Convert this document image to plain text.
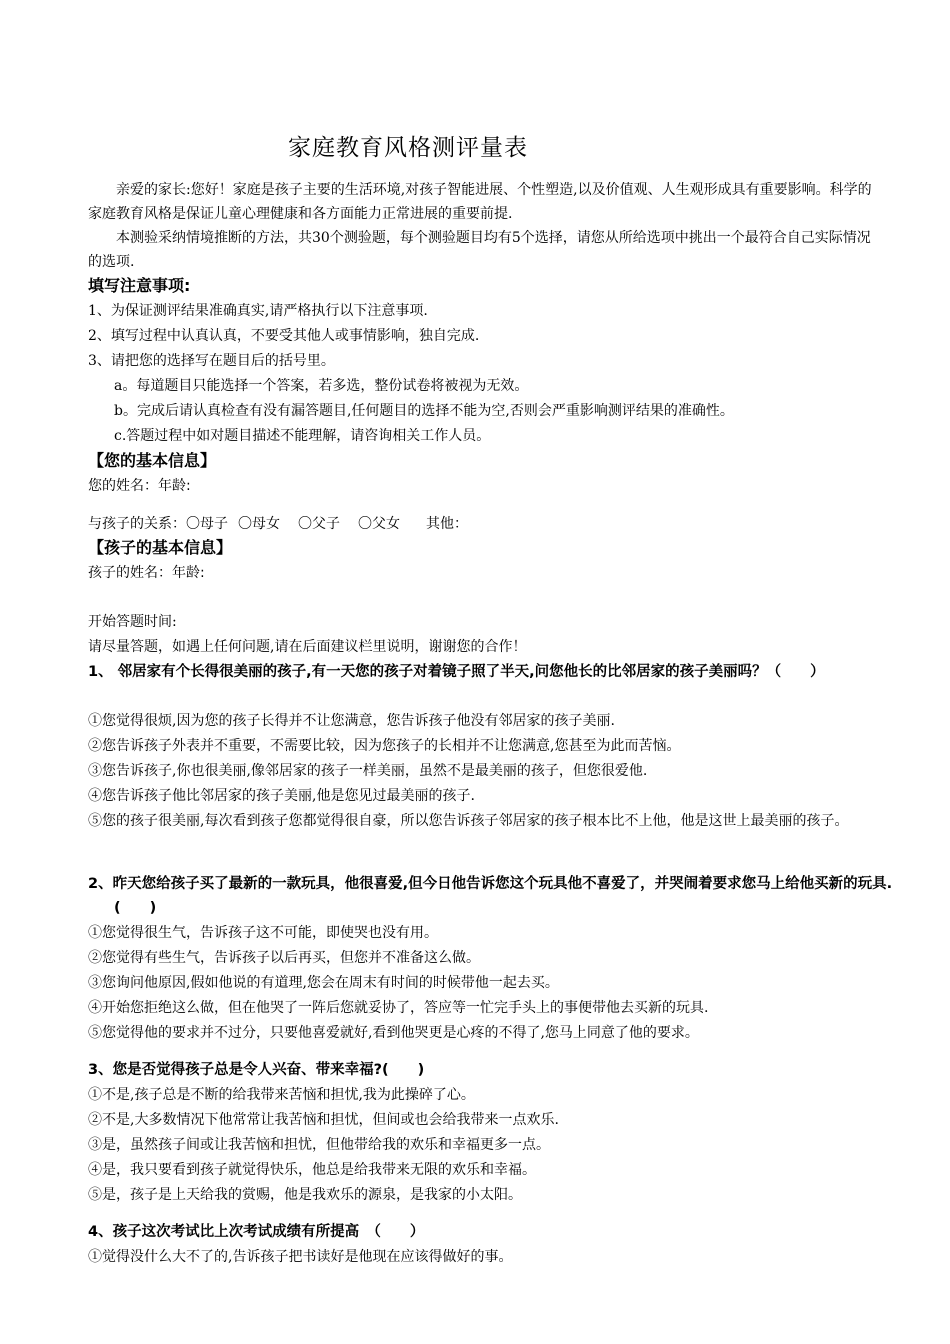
家庭教育风格测评量表
亲爱的家长:您好！家庭是孩子主要的生活环境,对孩子智能进展、个性塑造,以及价值观、人生观形成具有重要影响。科学的家庭教育风格是保证儿童心理健康和各方面能力正常进展的重要前提.
本测验采纳情境推断的方法，共30个测验题，每个测验题目均有5个选择，请您从所给选项中挑出一个最符合自己实际情况的选项.
填写注意事项:
1、为保证测评结果准确真实,请严格执行以下注意事项.
2、填写过程中认真认真，不要受其他人或事情影响，独自完成.
3、请把您的选择写在题目后的括号里。
a。每道题目只能选择一个答案，若多选，整份试卷将被视为无效。
b。完成后请认真检查有没有漏答题目,任何题目的选择不能为空,否则会严重影响测评结果的准确性。
c.答题过程中如对题目描述不能理解，请咨询相关工作人员。
【您的基本信息】
您的姓名：年龄:
与孩子的关系：〇母子 〇母女 〇父子 〇父女 其他：
【孩子的基本信息】
孩子的姓名：年龄:
开始答题时间:
请尽量答题，如遇上任何问题,请在后面建议栏里说明，谢谢您的合作！
1、 邻居家有个长得很美丽的孩子,有一天您的孩子对着镜子照了半天,问您他长的比邻居家的孩子美丽吗？（　　）
①您觉得很烦,因为您的孩子长得并不让您满意，您告诉孩子他没有邻居家的孩子美丽.
②您告诉孩子外表并不重要，不需要比较，因为您孩子的长相并不让您满意,您甚至为此而苦恼。
③您告诉孩子,你也很美丽,像邻居家的孩子一样美丽，虽然不是最美丽的孩子，但您很爱他.
④您告诉孩子他比邻居家的孩子美丽,他是您见过最美丽的孩子.
⑤您的孩子很美丽,每次看到孩子您都觉得很自豪，所以您告诉孩子邻居家的孩子根本比不上他，他是这世上最美丽的孩子。
2、昨天您给孩子买了最新的一款玩具，他很喜爱,但今日他告诉您这个玩具他不喜爱了，并哭闹着要求您马上给他买新的玩具.(　　)
①您觉得很生气，告诉孩子这不可能，即使哭也没有用。
②您觉得有些生气，告诉孩子以后再买，但您并不准备这么做。
③您询问他原因,假如他说的有道理,您会在周末有时间的时候带他一起去买。
④开始您拒绝这么做，但在他哭了一阵后您就妥协了，答应等一忙完手头上的事便带他去买新的玩具.
⑤您觉得他的要求并不过分，只要他喜爱就好,看到他哭更是心疼的不得了,您马上同意了他的要求。
3、您是否觉得孩子总是令人兴奋、带来幸福?(　　)
①不是,孩子总是不断的给我带来苦恼和担忧,我为此操碎了心。
②不是,大多数情况下他常常让我苦恼和担忧，但间或也会给我带来一点欢乐.
③是，虽然孩子间或让我苦恼和担忧，但他带给我的欢乐和幸福更多一点。
④是，我只要看到孩子就觉得快乐，他总是给我带来无限的欢乐和幸福。
⑤是，孩子是上天给我的赏赐，他是我欢乐的源泉，是我家的小太阳。
4、孩子这次考试比上次考试成绩有所提高　（　　）
①觉得没什么大不了的,告诉孩子把书读好是他现在应该得做好的事。
